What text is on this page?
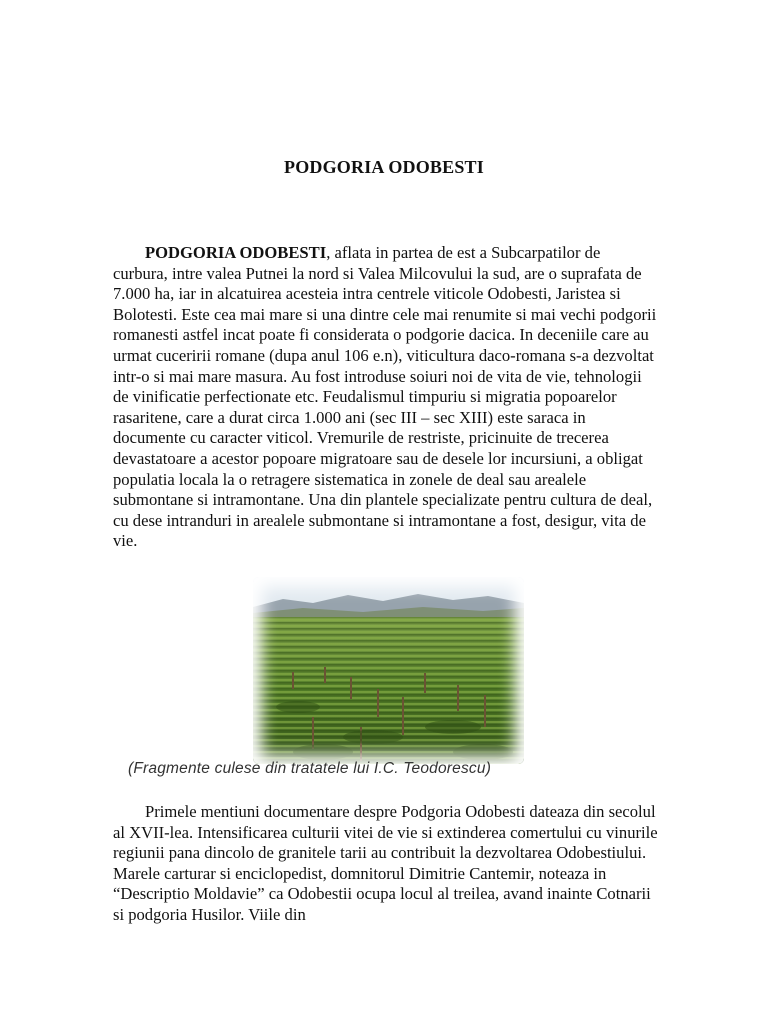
PODGORIA ODOBESTI
PODGORIA ODOBESTI, aflata in partea de est a Subcarpatilor de curbura, intre valea Putnei la nord si Valea Milcovului la sud, are o suprafata de 7.000 ha, iar in alcatuirea acesteia intra centrele viticole Odobesti, Jaristea si Bolotesti. Este cea mai mare si una dintre cele mai renumite si mai vechi podgorii romanesti astfel incat poate fi considerata o podgorie dacica. In deceniile care au urmat cuceririi romane (dupa anul 106 e.n), viticultura daco-romana s-a dezvoltat intr-o si mai mare masura. Au fost introduse soiuri noi de vita de vie, tehnologii de vinificatie perfectionate etc. Feudalismul timpuriu si migratia popoarelor rasaritene, care a durat circa 1.000 ani (sec III – sec XIII) este saraca in documente cu caracter viticol. Vremurile de restriste, pricinuite de trecerea devastatoare a acestor popoare migratoare sau de desele lor incursiuni, a obligat populatia locala la o retragere sistematica in zonele de deal sau arealele submontane si intramontane. Una din plantele specializate pentru cultura de deal, cu dese intranduri in arealele submontane si intramontane a fost, desigur, vita de vie.
(Fragmente culese din tratatele lui I.C. Teodorescu)
Primele mentiuni documentare despre Podgoria Odobesti dateaza din secolul al XVII-lea. Intensificarea culturii vitei de vie si extinderea comertului cu vinurile regiunii pana dincolo de granitele tarii au contribuit la dezvoltarea Odobestiului. Marele carturar si enciclopedist, domnitorul Dimitrie Cantemir, noteaza in “Descriptio Moldavie” ca Odobestii ocupa locul al treilea, avand inainte Cotnarii si podgoria Husilor. Viile din
